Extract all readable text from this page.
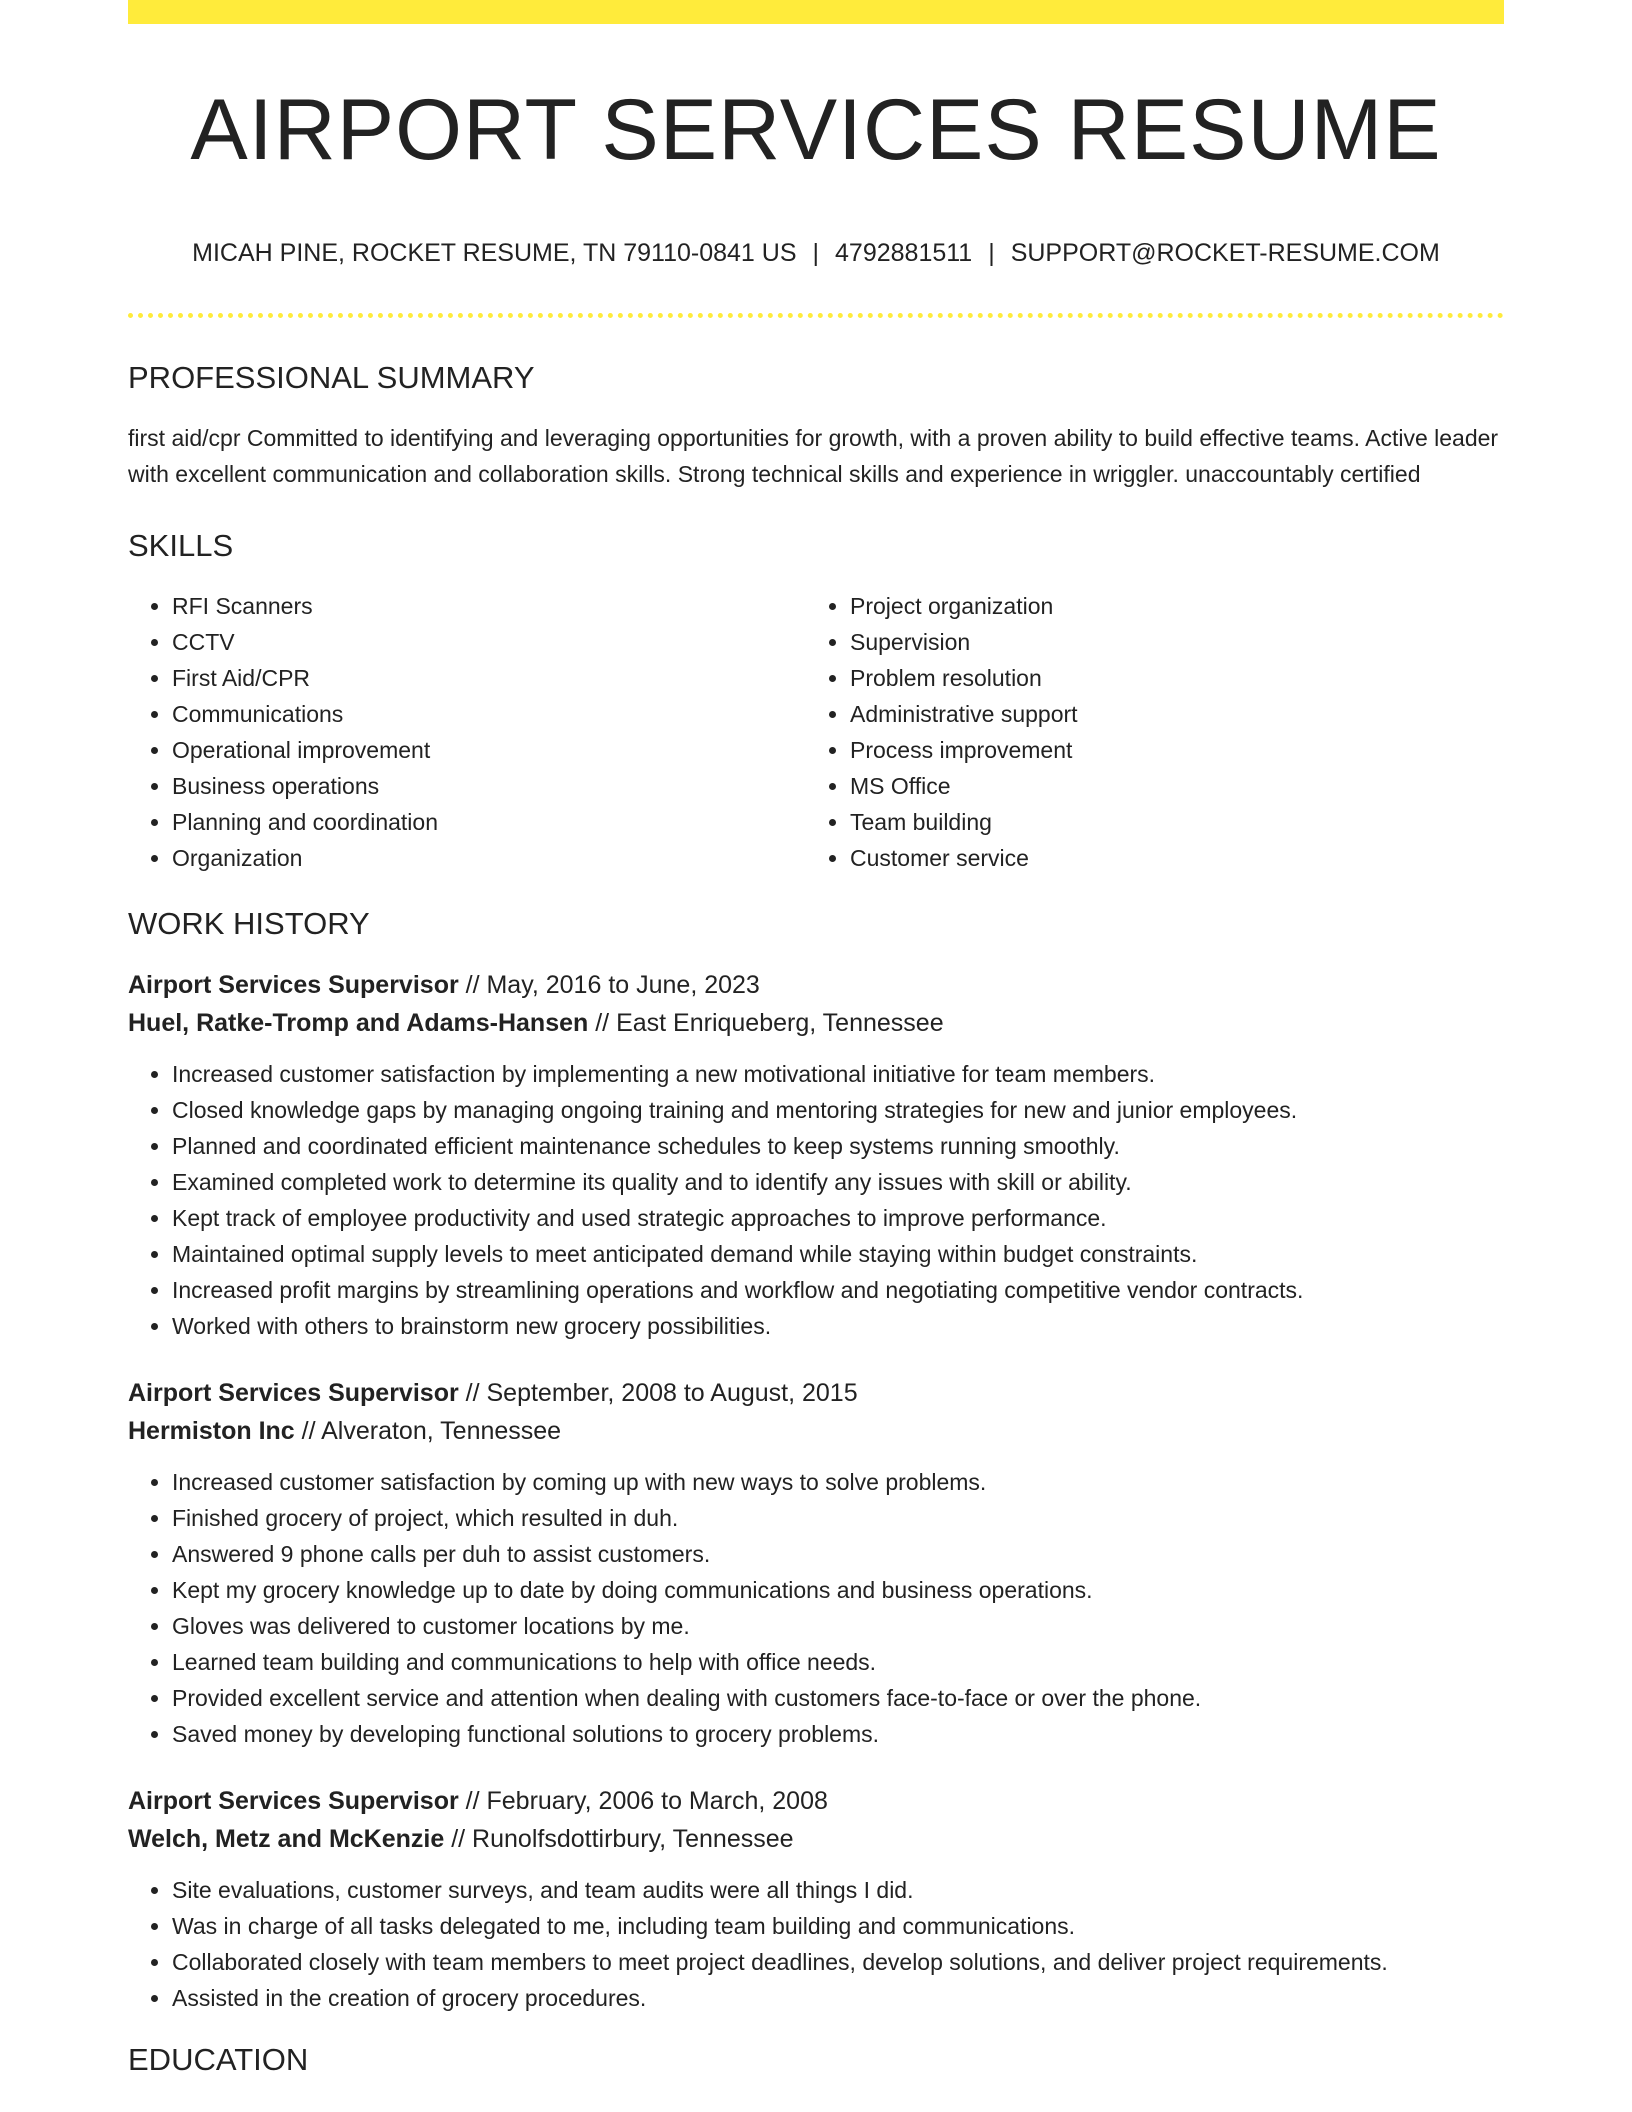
AIRPORT SERVICES RESUME
MICAH PINE, ROCKET RESUME, TN 79110-0841 US | 4792881511 | SUPPORT@ROCKET-RESUME.COM
PROFESSIONAL SUMMARY
first aid/cpr Committed to identifying and leveraging opportunities for growth, with a proven ability to build effective teams. Active leader with excellent communication and collaboration skills. Strong technical skills and experience in wriggler. unaccountably certified
SKILLS
• RFI Scanners
• CCTV
• First Aid/CPR
• Communications
• Operational improvement
• Business operations
• Planning and coordination
• Organization
• Project organization
• Supervision
• Problem resolution
• Administrative support
• Process improvement
• MS Office
• Team building
• Customer service
WORK HISTORY
Airport Services Supervisor // May, 2016 to June, 2023
Huel, Ratke-Tromp and Adams-Hansen // East Enriqueberg, Tennessee
• Increased customer satisfaction by implementing a new motivational initiative for team members.
• Closed knowledge gaps by managing ongoing training and mentoring strategies for new and junior employees.
• Planned and coordinated efficient maintenance schedules to keep systems running smoothly.
• Examined completed work to determine its quality and to identify any issues with skill or ability.
• Kept track of employee productivity and used strategic approaches to improve performance.
• Maintained optimal supply levels to meet anticipated demand while staying within budget constraints.
• Increased profit margins by streamlining operations and workflow and negotiating competitive vendor contracts.
• Worked with others to brainstorm new grocery possibilities.
Airport Services Supervisor // September, 2008 to August, 2015
Hermiston Inc // Alveraton, Tennessee
• Increased customer satisfaction by coming up with new ways to solve problems.
• Finished grocery of project, which resulted in duh.
• Answered 9 phone calls per duh to assist customers.
• Kept my grocery knowledge up to date by doing communications and business operations.
• Gloves was delivered to customer locations by me.
• Learned team building and communications to help with office needs.
• Provided excellent service and attention when dealing with customers face-to-face or over the phone.
• Saved money by developing functional solutions to grocery problems.
Airport Services Supervisor // February, 2006 to March, 2008
Welch, Metz and McKenzie // Runolfsdottirbury, Tennessee
• Site evaluations, customer surveys, and team audits were all things I did.
• Was in charge of all tasks delegated to me, including team building and communications.
• Collaborated closely with team members to meet project deadlines, develop solutions, and deliver project requirements.
• Assisted in the creation of grocery procedures.
EDUCATION
